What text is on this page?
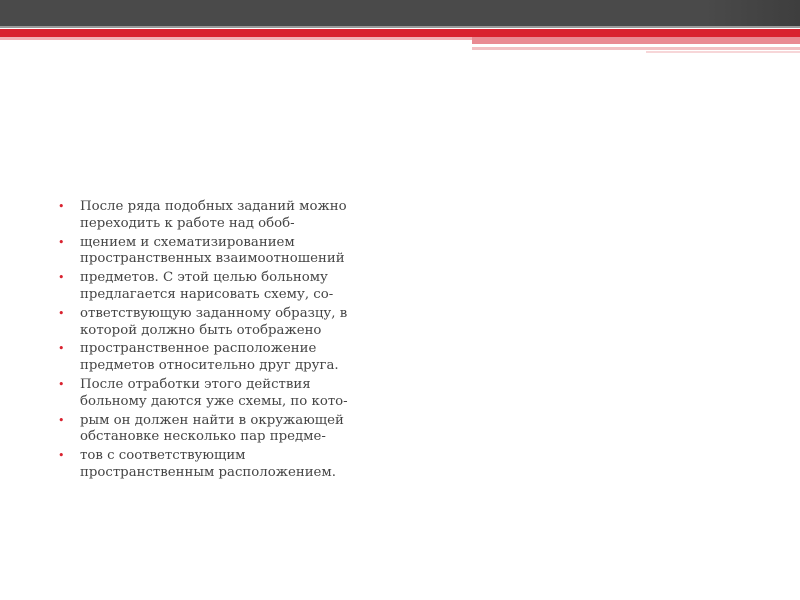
• После ряда подобных заданий можно
переходить к работе над обоб-
• щением и схематизированием
пространственных взаимоотношений
• предметов. С этой целью больному
предлагается нарисовать схему, со-
• ответствующую заданному образцу, в
которой должно быть отображено
• пространственное расположение
предметов относительно друг друга.
• После отработки этого действия
больному даются уже схемы, по кото-
• рым он должен найти в окружающей
обстановке несколько пар предме-
• тов с соответствующим
пространственным расположением.
